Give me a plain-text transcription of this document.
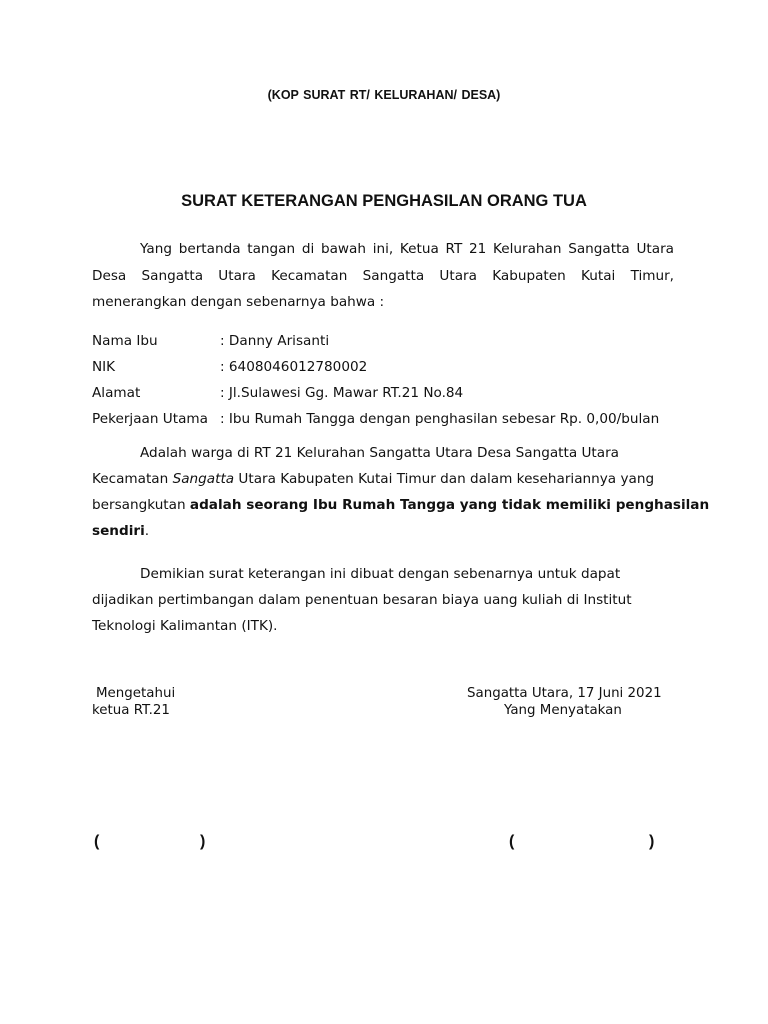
(KOP SURAT RT/ KELURAHAN/ DESA)
SURAT KETERANGAN PENGHASILAN ORANG TUA
Yang bertanda tangan di bawah ini, Ketua RT 21 Kelurahan Sangatta Utara
Desa Sangatta Utara Kecamatan Sangatta Utara Kabupaten Kutai Timur,
menerangkan dengan sebenarnya bahwa :
Nama Ibu	: Danny Arisanti
NIK	: 6408046012780002
Alamat	: Jl.Sulawesi Gg. Mawar RT.21 No.84
Pekerjaan Utama : Ibu Rumah Tangga dengan penghasilan sebesar Rp. 0,00/bulan
Adalah warga di RT 21 Kelurahan Sangatta Utara Desa Sangatta Utara
Kecamatan Sangatta Utara Kabupaten Kutai Timur dan dalam kesehariannya yang
bersangkutan adalah seorang Ibu Rumah Tangga yang tidak memiliki penghasilan
sendiri.
Demikian surat keterangan ini dibuat dengan sebenarnya untuk dapat
dijadikan pertimbangan dalam penentuan besaran biaya uang kuliah di Institut
Teknologi Kalimantan (ITK).
Mengetahui
ketua RT.21
Sangatta Utara, 17 Juni 2021
Yang Menyatakan
(	)	(	)
